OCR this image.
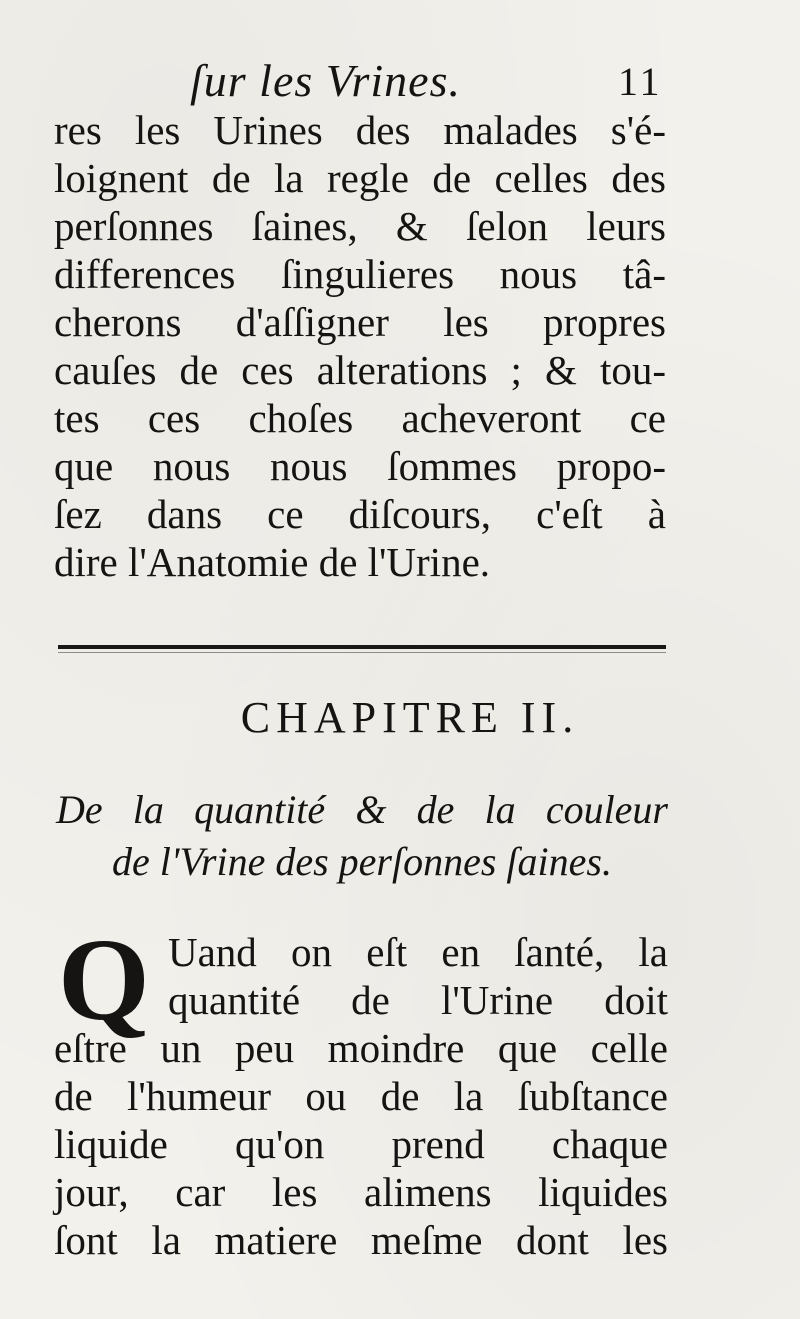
ſur les Vrines.	11
res les Urines des malades s'é-
loignent de la regle de celles des
perſonnes ſaines, & ſelon leurs
differences ſingulieres nous tâ-
cherons d'aſſigner les propres
cauſes de ces alterations ; & tou-
tes ces choſes acheveront ce
que nous nous ſommes propo-
ſez dans ce diſcours, c'eſt à
dire l'Anatomie de l'Urine.
CHAPITRE II.
De la quantité & de la couleur
de l'Vrine des perſonnes ſaines.
Q Uand on eſt en ſanté, la
quantité de l'Urine doit
eſtre un peu moindre que celle
de l'humeur ou de la ſubſtance
liquide qu'on prend chaque
jour, car les alimens liquides
ſont la matiere meſme dont les
